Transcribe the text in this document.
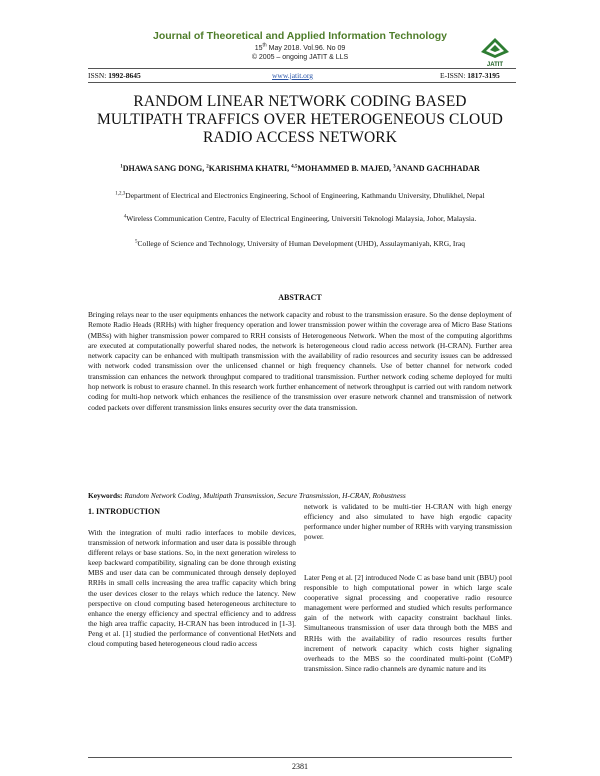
Journal of Theoretical and Applied Information Technology
15th May 2018. Vol.96. No 09
© 2005 – ongoing JATIT & LLS
JATIT
ISSN: 1992-8645	www.jatit.org	E-ISSN: 1817-3195
RANDOM LINEAR NETWORK CODING BASED
MULTIPATH TRAFFICS OVER HETEROGENEOUS CLOUD
RADIO ACCESS NETWORK
$^1$DHAWA SANG DONG, $^2$KARISHMA KHATRI, $^{4,5}$MOHAMMED B. MAJED, $^3$ANAND GACHHADAR
$^{1,2,3}$Department of Electrical and Electronics Engineering, School of Engineering, Kathmandu University, Dhulikhel, Nepal
$^4$Wireless Communication Centre, Faculty of Electrical Engineering, Universiti Teknologi Malaysia, Johor, Malaysia.
$^5$College of Science and Technology, University of Human Development (UHD), Assulaymaniyah, KRG, Iraq
ABSTRACT
Bringing relays near to the user equipments enhances the network capacity and robust to the transmission erasure. So the dense deployment of Remote Radio Heads (RRHs) with higher frequency operation and lower transmission power within the coverage area of Micro Base Stations (MBSs) with higher transmission power compared to RRH consists of Heterogeneous Network. When the most of the computing algorithms are executed at computationally powerful shared nodes, the network is heterogeneous cloud radio access network (H-CRAN). Further area network capacity can be enhanced with multipath transmission with the availability of radio resources and security issues can be addressed with network coded transmission over the unlicensed channel or high frequency channels. Use of better channel for network coded transmission can enhances the network throughput compared to traditional transmission. Further network coding scheme deployed for multi hop network is robust to erasure channel. In this research work further enhancement of network throughput is carried out with random network coding for multi-hop network which enhances the resilience of the transmission over erasure network channel and transmission of network coded packets over different transmission links ensures security over the data transmission.
Keywords: Random Network Coding, Multipath Transmission, Secure Transmission, H-CRAN, Robustness
1. INTRODUCTION
With the integration of multi radio interfaces to mobile devices, transmission of network information and user data is possible through different relays or base stations. So, in the next generation wireless to keep backward compatibility, signaling can be done through existing MBS and user data can be communicated through densely deployed RRHs in small cells increasing the area traffic capacity which bring the user devices closer to the relays which reduce the latency. New perspective on cloud computing based heterogeneous architecture to enhance the energy efficiency and spectral efficiency and to address the high area traffic capacity, H-CRAN has been introduced in [1-3]. Peng et al. [1] studied the performance of conventional HetNets and cloud computing based heterogeneous cloud radio access
network is validated to be multi-tier H-CRAN with high energy efficiency and also simulated to have high ergodic capacity performance under higher number of RRHs with varying transmission power.
Later Peng et al. [2] introduced Node C as base band unit (BBU) pool responsible to high computational power in which large scale cooperative signal processing and cooperative radio resource management were performed and studied which results performance gain of the network with capacity constraint backhaul links. Simultaneous transmission of user data through both the MBS and RRHs with the availability of radio resources results further increment of network capacity which costs higher signaling overheads to the MBS so the coordinated multi-point (CoMP) transmission. Since radio channels are dynamic nature and its
2381
